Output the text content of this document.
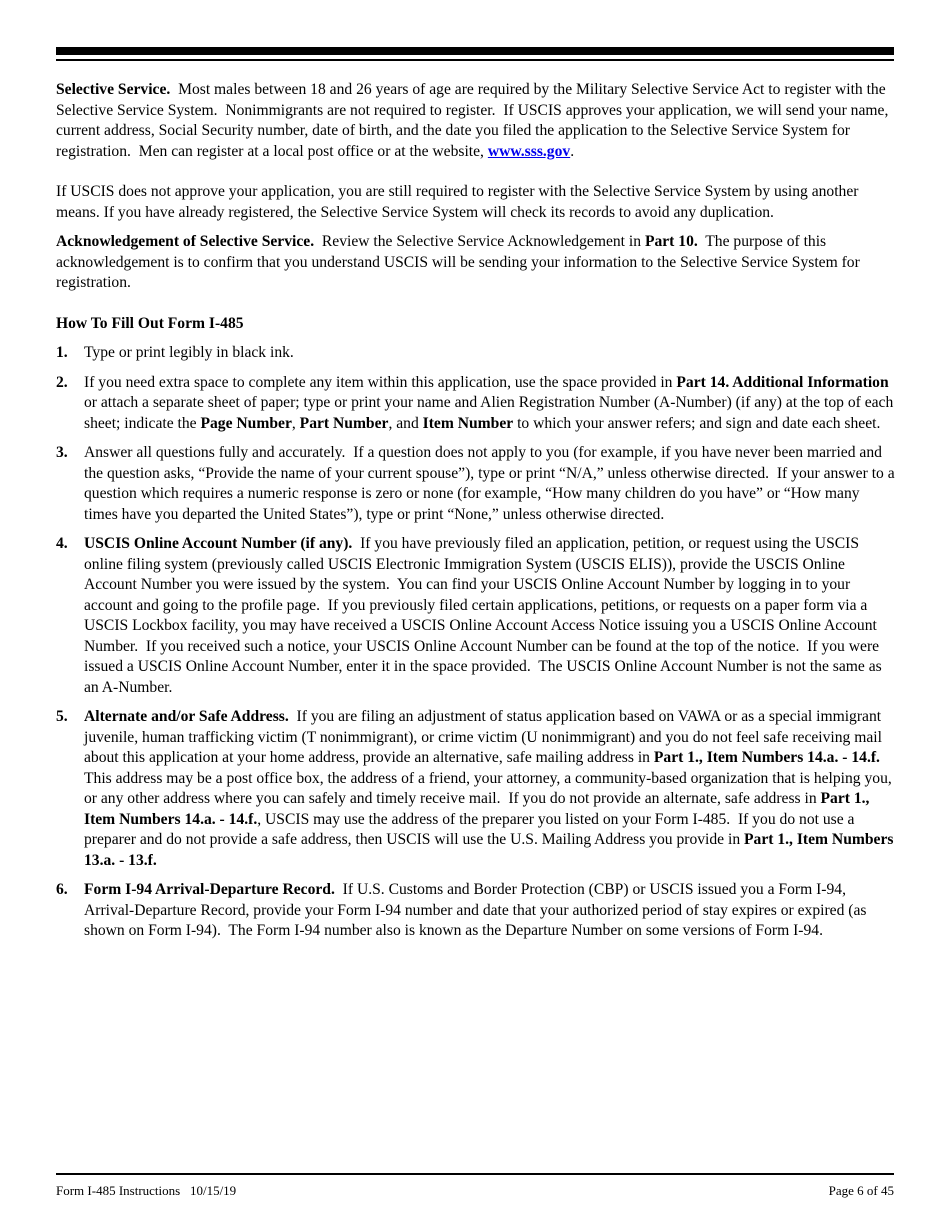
Selective Service.  Most males between 18 and 26 years of age are required by the Military Selective Service Act to register with the Selective Service System.  Nonimmigrants are not required to register.  If USCIS approves your application, we will send your name, current address, Social Security number, date of birth, and the date you filed the application to the Selective Service System for registration.  Men can register at a local post office or at the website, www.sss.gov.

If USCIS does not approve your application, you are still required to register with the Selective Service System by using another means. If you have already registered, the Selective Service System will check its records to avoid any duplication.

Acknowledgement of Selective Service.  Review the Selective Service Acknowledgement in Part 10.  The purpose of this acknowledgement is to confirm that you understand USCIS will be sending your information to the Selective Service System for registration.

How To Fill Out Form I-485

1.	Type or print legibly in black ink.
2.	If you need extra space to complete any item within this application, use the space provided in Part 14. Additional Information or attach a separate sheet of paper; type or print your name and Alien Registration Number (A-Number) (if any) at the top of each sheet; indicate the Page Number, Part Number, and Item Number to which your answer refers; and sign and date each sheet.
3.	Answer all questions fully and accurately.  If a question does not apply to you (for example, if you have never been married and the question asks, “Provide the name of your current spouse”), type or print “N/A,” unless otherwise directed.  If your answer to a question which requires a numeric response is zero or none (for example, “How many children do you have” or “How many times have you departed the United States”), type or print “None,” unless otherwise directed.
4.	USCIS Online Account Number (if any).  If you have previously filed an application, petition, or request using the USCIS online filing system (previously called USCIS Electronic Immigration System (USCIS ELIS)), provide the USCIS Online Account Number you were issued by the system.  You can find your USCIS Online Account Number by logging in to your account and going to the profile page.  If you previously filed certain applications, petitions, or requests on a paper form via a USCIS Lockbox facility, you may have received a USCIS Online Account Access Notice issuing you a USCIS Online Account Number.  If you received such a notice, your USCIS Online Account Number can be found at the top of the notice.  If you were issued a USCIS Online Account Number, enter it in the space provided.  The USCIS Online Account Number is not the same as an A-Number.
5.	Alternate and/or Safe Address.  If you are filing an adjustment of status application based on VAWA or as a special immigrant juvenile, human trafficking victim (T nonimmigrant), or crime victim (U nonimmigrant) and you do not feel safe receiving mail about this application at your home address, provide an alternative, safe mailing address in Part 1., Item Numbers 14.a. - 14.f.  This address may be a post office box, the address of a friend, your attorney, a community-based organization that is helping you, or any other address where you can safely and timely receive mail.  If you do not provide an alternate, safe address in Part 1., Item Numbers 14.a. - 14.f., USCIS may use the address of the preparer you listed on your Form I-485.  If you do not use a preparer and do not provide a safe address, then USCIS will use the U.S. Mailing Address you provide in Part 1., Item Numbers 13.a. - 13.f.
6.	Form I-94 Arrival-Departure Record.  If U.S. Customs and Border Protection (CBP) or USCIS issued you a Form I-94, Arrival-Departure Record, provide your Form I-94 number and date that your authorized period of stay expires or expired (as shown on Form I-94).  The Form I-94 number also is known as the Departure Number on some versions of Form I-94.
Form I-485 Instructions   10/15/19	Page 6 of 45
